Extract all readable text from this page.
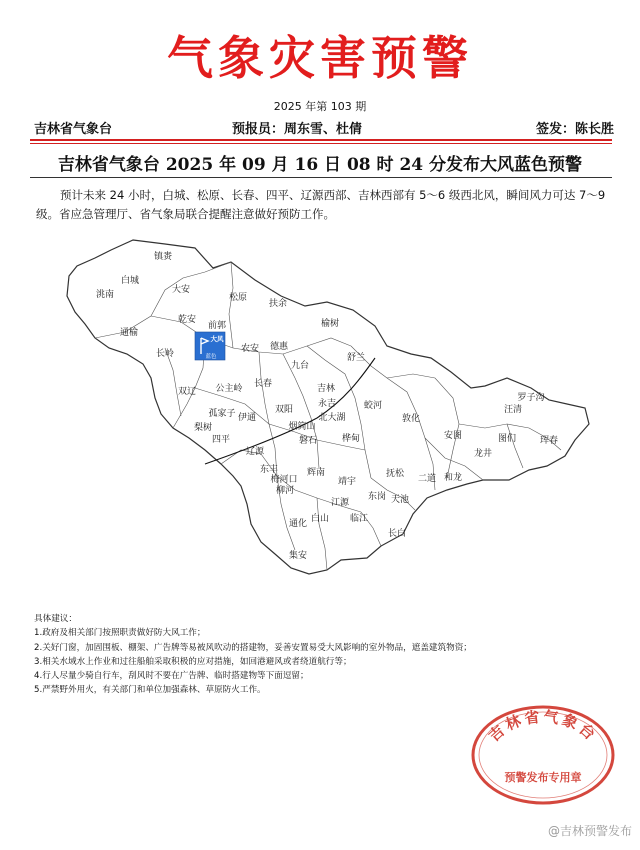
气象灾害预警
2025 年第 103 期
吉林省气象台	预报员：周东雪、杜倩	签发：陈长胜
吉林省气象台 2025 年 09 月 16 日 08 时 24 分发布大风蓝色预警
预计未来 24 小时，白城、松原、长春、四平、辽源西部、吉林西部有 5～6 级西北风，瞬间风力可达 7～9 级。省应急管理厅、省气象局联合提醒注意做好预防工作。
大风
蓝色
镇赉
洮南
白城
大安
乾安
松原
扶余
榆树
通榆
长岭
前郭
农安 德惠
舒兰
九台
长春	吉林
蛟河
永吉
公主岭
双阳
北大湖	敦化
双辽
伊通
烟筒山
孤家子
安图
汪清
罗子沟
珲春
图们
龙井
和龙
桦甸
磐石
四平
梨树
辽源
东丰
梅河口
柳河
辉南
靖宇
抚松 二道
东岗 天池
江源
临江
白山
通化
集安
长白
具体建议：
1.政府及相关部门按照职责做好防大风工作；
2.关好门窗，加固围板、棚架、广告牌等易被风吹动的搭建物，妥善安置易受大风影响的室外物品，遮盖建筑物资；
3.相关水域水上作业和过往船舶采取积极的应对措施，如回港避风或者绕道航行等；
4.行人尽量少骑自行车，刮风时不要在广告牌、临时搭建物等下面逗留；
5.严禁野外用火，有关部门和单位加强森林、草原防火工作。
吉林省气象台
预警发布专用章
@吉林预警发布
